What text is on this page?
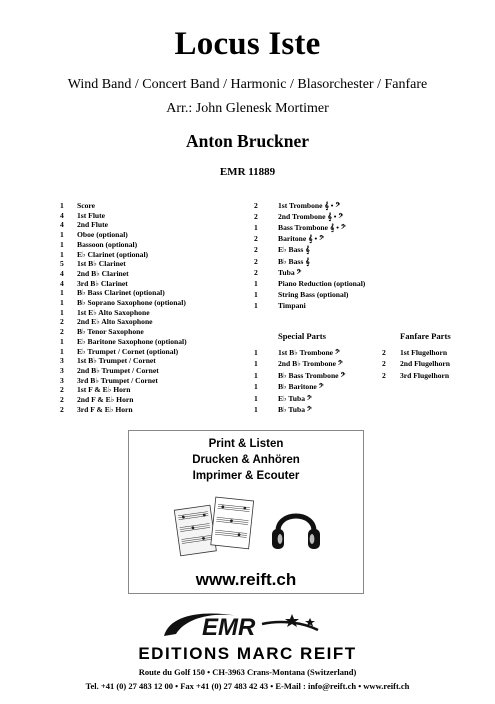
Locus Iste
Wind Band / Concert Band / Harmonic / Blasorchester / Fanfare
Arr.: John Glenesk Mortimer
Anton Bruckner
EMR 11889
1 Score
4 1st Flute
4 2nd Flute
1 Oboe (optional)
1 Bassoon (optional)
1 E♭ Clarinet (optional)
5 1st B♭ Clarinet
4 2nd B♭ Clarinet
4 3rd B♭ Clarinet
1 B♭ Bass Clarinet (optional)
1 B♭ Soprano Saxophone (optional)
1 1st E♭ Alto Saxophone
2 2nd E♭ Alto Saxophone
2 B♭ Tenor Saxophone
1 E♭ Baritone Saxophone (optional)
1 E♭ Trumpet / Cornet (optional)
3 1st B♭ Trumpet / Cornet
3 2nd B♭ Trumpet / Cornet
3 3rd B♭ Trumpet / Cornet
2 1st F & E♭ Horn
2 2nd F & E♭ Horn
2 3rd F & E♭ Horn
2	1st Trombone 𝄞 • 𝄢
2	2nd Trombone 𝄞 • 𝄢
1	Bass Trombone 𝄞 • 𝄢
2	Baritone 𝄞 • 𝄢
2	E♭ Bass 𝄞
2	B♭ Bass 𝄞
2	Tuba 𝄢
1	Piano Reduction (optional)
1	String Bass (optional)
1	Timpani
Special Parts	Fanfare Parts
1	1st B♭ Trombone 𝄢
1	2nd B♭ Trombone 𝄢
1	B♭ Bass Trombone 𝄢
1	B♭ Baritone 𝄢
1	E♭ Tuba 𝄢
1	B♭ Tuba 𝄢
2 1st Flugelhorn
2 2nd Flugelhorn
2 3rd Flugelhorn
Print & Listen
Drucken & Anhören
Imprimer & Ecouter
www.reift.ch
EMR
EDITIONS MARC REIFT
Route du Golf 150 • CH-3963 Crans-Montana (Switzerland)
Tel. +41 (0) 27 483 12 00 • Fax +41 (0) 27 483 42 43 • E-Mail : info@reift.ch • www.reift.ch
